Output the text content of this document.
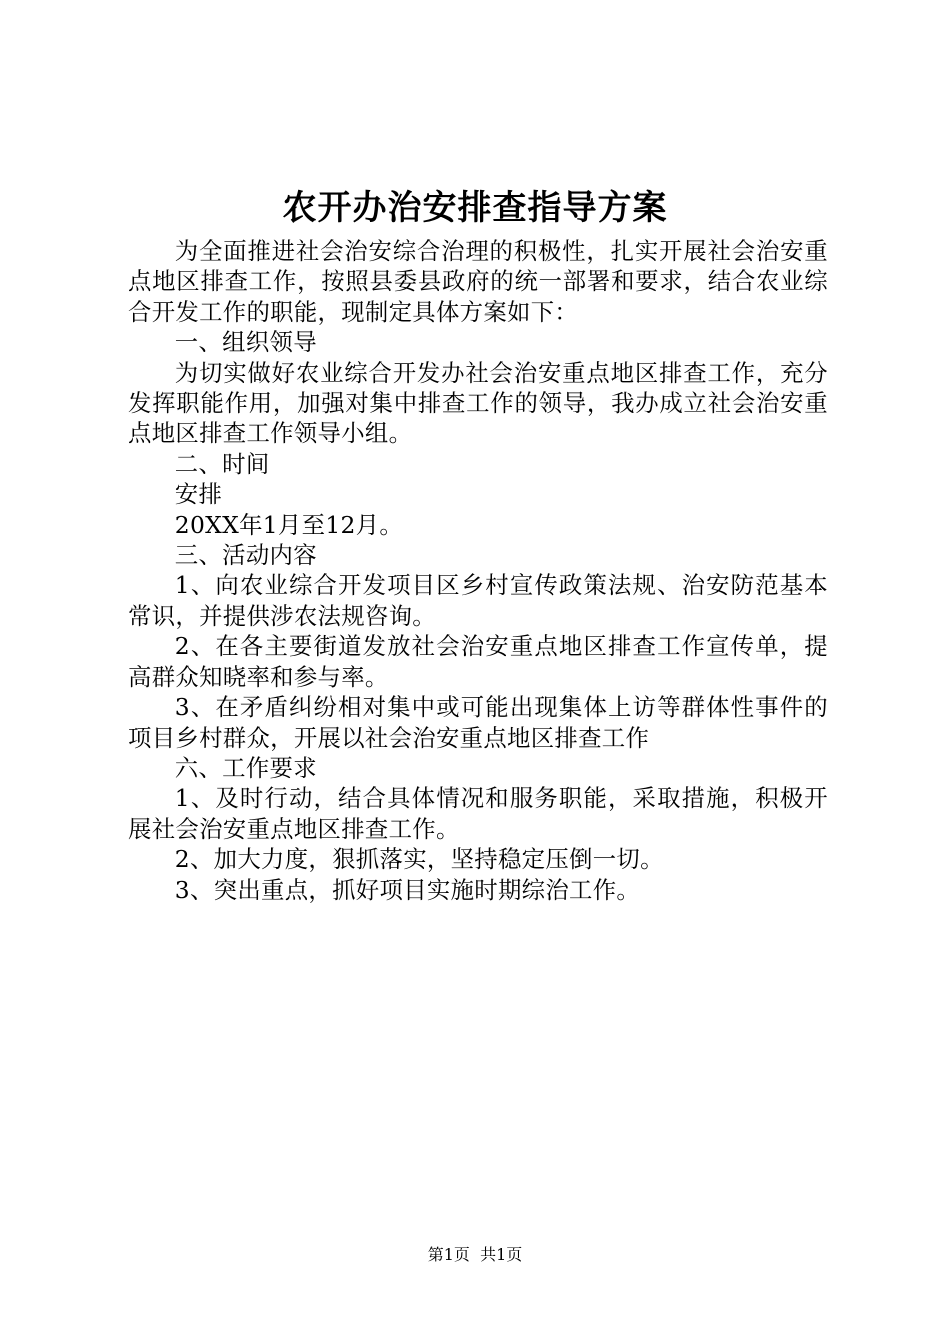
农开办治安排查指导方案

为全面推进社会治安综合治理的积极性，扎实开展社会治安重点地区排查工作，按照县委县政府的统一部署和要求，结合农业综合开发工作的职能，现制定具体方案如下：

一、组织领导

为切实做好农业综合开发办社会治安重点地区排查工作，充分发挥职能作用，加强对集中排查工作的领导，我办成立社会治安重点地区排查工作领导小组。

二、时间

安排

20XX年1月至12月。

三、活动内容

1、向农业综合开发项目区乡村宣传政策法规、治安防范基本常识，并提供涉农法规咨询。

2、在各主要街道发放社会治安重点地区排查工作宣传单，提高群众知晓率和参与率。

3、在矛盾纠纷相对集中或可能出现集体上访等群体性事件的项目乡村群众，开展以社会治安重点地区排查工作

六、工作要求

1、及时行动，结合具体情况和服务职能，采取措施，积极开展社会治安重点地区排查工作。

2、加大力度，狠抓落实，坚持稳定压倒一切。

3、突出重点，抓好项目实施时期综治工作。

第1页  共1页
